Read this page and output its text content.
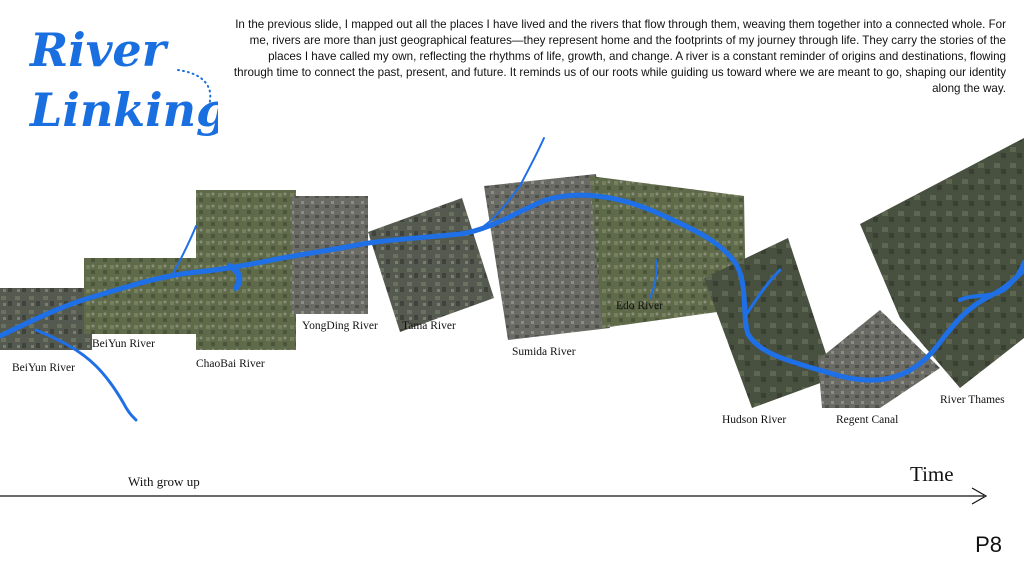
River
Linking
In the previous slide, I mapped out all the places I have lived and the rivers that flow through them, weaving them together into a connected whole. For me, rivers are more than just geographical features—they represent home and the footprints of my journey through life. They carry the stories of the places I have called my own, reflecting the rhythms of life, growth, and change. A river is a constant reminder of origins and destinations, flowing through time to connect the past, present, and future. It reminds us of our roots while guiding us toward where we are meant to go, shaping our identity along the way.
BeiYun River
BeiYun River
ChaoBai River
YongDing River Tama River
Sumida River
Edo River
Hudson River	Regent Canal
River Thames
With grow up	Time
P8
